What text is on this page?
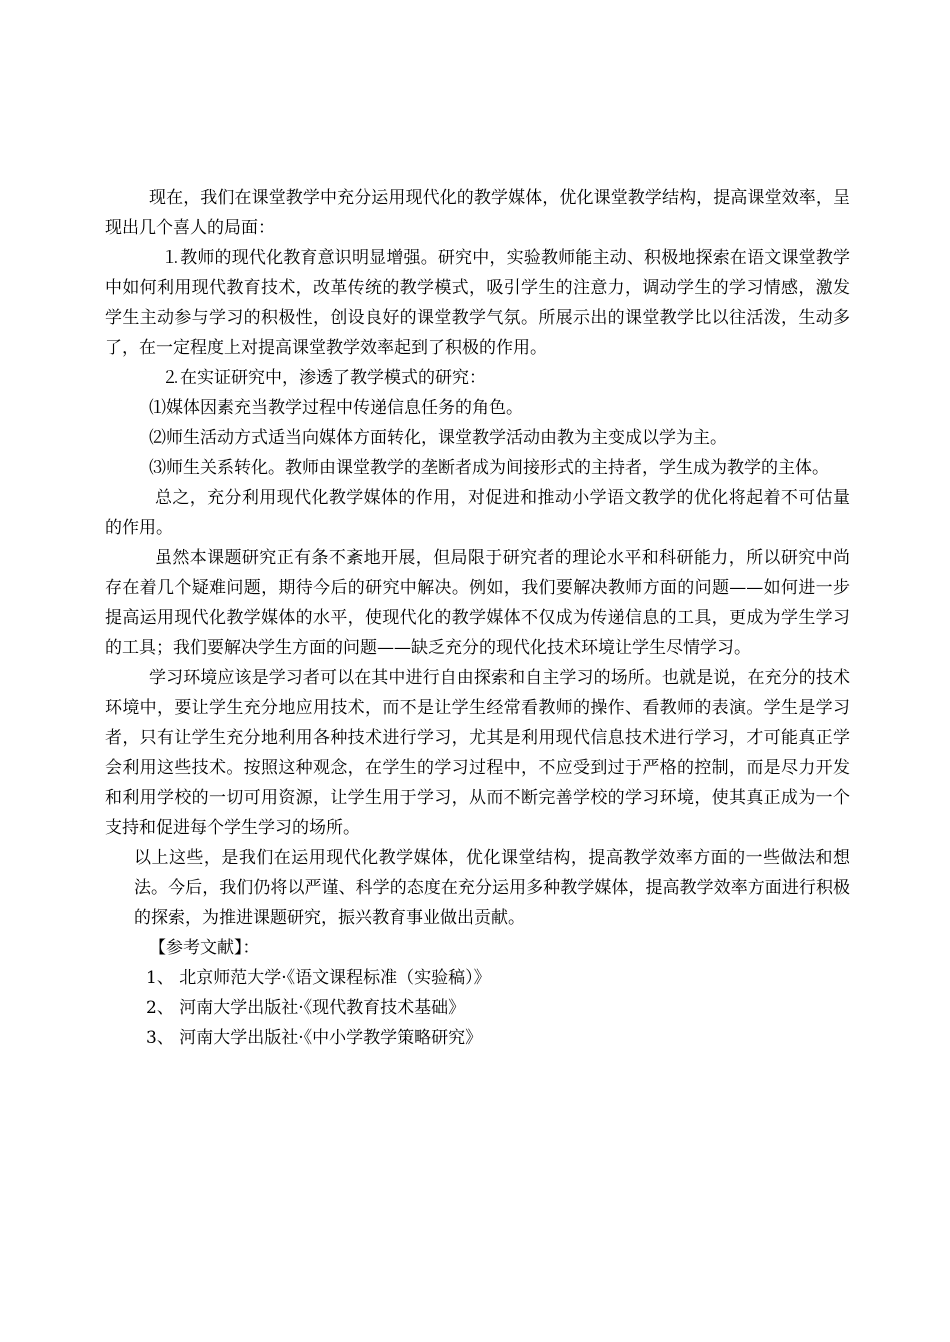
现在，我们在课堂教学中充分运用现代化的教学媒体，优化课堂教学结构，提高课堂效率，呈现出几个喜人的局面：

⒈教师的现代化教育意识明显增强。研究中，实验教师能主动、积极地探索在语文课堂教学中如何利用现代教育技术，改革传统的教学模式，吸引学生的注意力，调动学生的学习情感，激发学生主动参与学习的积极性，创设良好的课堂教学气氛。所展示出的课堂教学比以往活泼，生动多了，在一定程度上对提高课堂教学效率起到了积极的作用。

⒉在实证研究中，渗透了教学模式的研究：

⑴媒体因素充当教学过程中传递信息任务的角色。

⑵师生活动方式适当向媒体方面转化，课堂教学活动由教为主变成以学为主。

⑶师生关系转化。教师由课堂教学的垄断者成为间接形式的主持者，学生成为教学的主体。

总之，充分利用现代化教学媒体的作用，对促进和推动小学语文教学的优化将起着不可估量的作用。

虽然本课题研究正有条不紊地开展，但局限于研究者的理论水平和科研能力，所以研究中尚存在着几个疑难问题，期待今后的研究中解决。例如，我们要解决教师方面的问题——如何进一步提高运用现代化教学媒体的水平，使现代化的教学媒体不仅成为传递信息的工具，更成为学生学习的工具；我们要解决学生方面的问题——缺乏充分的现代化技术环境让学生尽情学习。

学习环境应该是学习者可以在其中进行自由探索和自主学习的场所。也就是说，在充分的技术环境中，要让学生充分地应用技术，而不是让学生经常看教师的操作、看教师的表演。学生是学习者，只有让学生充分地利用各种技术进行学习，尤其是利用现代信息技术进行学习，才可能真正学会利用这些技术。按照这种观念，在学生的学习过程中，不应受到过于严格的控制，而是尽力开发和利用学校的一切可用资源，让学生用于学习，从而不断完善学校的学习环境，使其真正成为一个支持和促进每个学生学习的场所。

以上这些，是我们在运用现代化教学媒体，优化课堂结构，提高教学效率方面的一些做法和想法。今后，我们仍将以严谨、科学的态度在充分运用多种教学媒体，提高教学效率方面进行积极的探索，为推进课题研究，振兴教育事业做出贡献。

【参考文献】：

1、 北京师范大学·《语文课程标准（实验稿）》

2、 河南大学出版社·《现代教育技术基础》

3、 河南大学出版社·《中小学教学策略研究》
